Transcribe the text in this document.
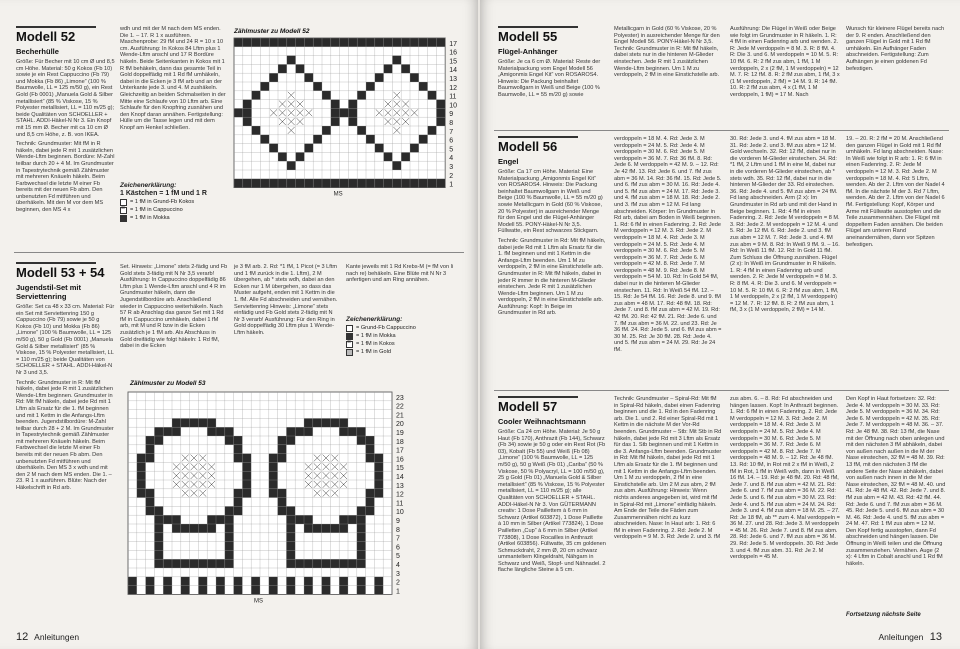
Modell 52

Becherhülle

Größe: Für Becher mit 10 cm Ø und 8,5 cm Höhe. Material: 50 g Kokos (Fb 10) sowie je ein Rest Cappuccino (Fb 79) und Mokka (Fb 86) „Limone“ (100 % Baumwolle, LL = 125 m/50 g), ein Rest Gold (Fb 0001) „Manuela Gold & Silber metallisiert“ (85 % Viskose, 15 % Polyester metallisiert, LL = 110 m/25 g); beide Qualitäten von SCHOELLER + STAHL. ADDI-Häkel-N Nr 3. Ein Knopf mit 15 mm Ø. Becher mit ca 10 cm Ø und 8,5 cm Höhe, z. B. von IKEA.

Technik: Grundmuster: Mit fM in R häkeln, dabei jede R mit 1 zusätzlichen Wende-Lftm beginnen. Bordüre: M-Zahl teilbar durch 20 + 4 M. Im Grundmuster in Tapestrytechnik gemäß Zählmuster mit mehreren Knäueln häkeln. Beim Farbwechsel die letzte M einer Fb bereits mit der neuen Fb abm. Den unbenutzten Fd mitführen und überhäkeln. Mit den M vor dem MS beginnen, den MS 4 x

wdh und mit der M nach dem MS enden. Die 1. – 17. R 1 x ausführen. Maschenprobe: 29 fM und 24 R = 10 x 10 cm. Ausführung: In Kokos 84 Lftm plus 1 Wende-Lftm anschl und 17 R Bordüre häkeln. Beide Seitenkanten in Kokos mit 1 R fM behäkeln, dann das gesamte Teil in Gold doppelfädig mit 1 Rd fM umhäkeln, dabei in die Ecken je 3 fM arb und an der Unterkante jede 3. und 4. M zushäkeln. Gleichzeitig an beiden Schmalseiten in der Mitte eine Schlaufe von 10 Lftm arb. Eine Schlaufe für den Knopfring zusnähen und den Knopf daran annähen. Fertigstellung: Hülle um die Tasse legen und mit dem Knopf am Henkel schließen.

Zeichenerklärung:
1 Kästchen = 1 fM und 1 R
= 1 fM in Grund-Fb Kokos
×
= 1 fM in Cappuccino
= 1 fM in Mokka
Zählmuster zu Modell 52
17
16
15
14
13
12
11
10
9
8
7
6
5
4
3
2
1
MS

Modell 53 + 54

Jugendstil-Set mit Serviettenring

Größe: Set ca 48 x 33 cm. Material: Für ein Set mit Serviettenring 150 g Cappuccino (Fb 79) sowie je 50 g Kokos (Fb 10) und Mokka (Fb 86) „Limone“ (100 % Baumwolle, LL = 125 m/50 g), 50 g Gold (Fb 0001) „Manuela Gold & Silber metallisiert“ (85 % Viskose, 15 % Polyester metallisiert, LL = 110 m/25 g); beide Qualitäten von SCHOELLER + STAHL. ADDI-Häkel-N Nr 3 und 3,5.

Technik: Grundmuster in R: Mit fM häkeln, dabei jede R mit 1 zusätzlichen Wende-Lftm beginnen. Grundmuster in Rd: Mit fM häkeln, dabei jede Rd mit 1 Lftm als Ersatz für die 1. fM beginnen und mit 1 Kettm in die Anfangs-Lftm beenden. Jugendstilbordüre: M-Zahl teilbar durch 28 + 2 M. Im Grundmuster in Tapestrytechnik gemäß Zählmuster mit mehreren Knäueln häkeln. Beim Farbwechsel die letzte M einer Fb bereits mit der neuen Fb abm. Den unbenutzten Fd mitführen und überhäkeln. Den MS 3 x wdh und mit den 2 M nach dem MS enden. Die 1. – 23. R 1 x ausführen. Blüte: Nach der Häkelschrift in Rd arb.

Set. Hinweis: „Limone“ stets 2-fädig und Fb Gold stets 3-fädig mit N Nr 3,5 verarb! Ausführung: In Cappuccino doppelfädig 86 Lftm plus 1 Wende-Lftm anschl und 4 R im Grundmuster häkeln, dann die Jugendstilbordüre arb. Anschließend wieder in Cappuccino weiterhäkeln. Nach 57 R ab Anschlag das ganze Set mit 1 Rd fM in Cappuccino umhäkeln, dabei 1 fM arb, mit M und R bzw in die Ecken zusätzlich je 1 fM arb. Als Abschluss in Gold dreifädig wie folgt häkeln: 1 Rd fM, dabei in die Ecken

je 3 fM arb. 2. Rd: *1 fM, 1 Picot (= 3 Lftm und 1 fM zurück in die 1. Lftm), 2 M übergehen, ab * stets wdh, dabei an den Ecken nur 1 M übergehen, so dass das Muster aufgeht, enden mit 1 Kettm in die 1. fM. Alle Fd abschneiden und vernähen. Serviettenring Hinweis: „Limone“ stets einfädig und Fb Gold stets 2-fädig mit N Nr 3 verarb! Ausführung: Für den Ring in Gold doppelfädig 30 Lftm plus 1 Wende-Lftm häkeln.

Kante jeweils mit 1 Rd Krebs-M (= fM von li nach re) behäkeln. Eine Blüte mit N Nr 3 anfertigen und am Ring annähen.

Zeichenerklärung:
= Grund-Fb Cappuccino
= 1 fM in Mokka
×
= 1 fM in Kokos
= 1 fM in Gold
Zählmuster zu Modell 53
23
22
21
20
19
18
17
16
15
14
13
12
11
10
9
8
7
6
5
4
3
2
1
MS
12 Anleitungen

Modell 55

Flügel-Anhänger

Größe: Je ca 6 cm Ø. Material: Reste der Materialpackung vom Engel Modell 56 „Amigonmis Engel Kit“ von ROSAROS4. Hinweis: Die Packung beinhaltet Baumwollgarn in Weiß und Beige (100 % Baumwolle, LL = 55 m/20 g) sowie

Metallicgarn in Gold (60 % Viskose, 20 % Polyester) in ausreichender Menge für den Engel Modell 56. PONY-Häkel-N Nr 3,5. Technik: Grundmuster in R: Mit fM häkeln, dabei stets nur in die hinteren M-Glieder einstechen. Jede R mit 1 zusätzlichen Wende-Lftm beginnen. Um 1 M zu verdoppeln, 2 fM in eine Einstichstelle arb.

Ausführung: Die Flügel in Weiß oder Beige wie folgt im Grundmuster in R häkeln. 1. R: 4 fM in einen Fadenring arb und wenden. 2. R: Jede M verdoppeln = 8 M. 3. R: 8 fM. 4. R: Die 3. und 6. M verdoppeln = 10 M. 5. R: 10 fM. 6. R: 2 fM zus abm, 1 fM, 1 M verdoppeln, 2 x (2 fM, 1 M verdoppeln) = 12 M. 7. R: 12 fM. 8. R: 2 fM zus abm, 1 fM, 3 x (1 M verdoppeln, 2 fM) = 14 M. 9. R: 14 fM. 10. R: 2 fM zus abm, 4 x (1 fM, 1 M verdoppeln, 1 fM) = 17 M. Nach

Wunsch für kleinere Flügel bereits nach der 9. R enden. Anschließend den ganzen Flügel in Gold mit 1 Rd fM umhäkeln. Ein Aufhänger Faden abschneiden. Fertigstellung: Zum Aufhängen je einen goldenen Fd befestigen.

Modell 56

Engel

Größe: Ca 17 cm Höhe. Material: Eine Materialpackung „Amigonmis Engel Kit“ von ROSAROS4. Hinweis: Die Packung beinhaltet Baumwollgarn in Weiß und Beige (100 % Baumwolle, LL = 55 m/20 g) sowie Metallicgarn in Gold (60 % Viskose, 20 % Polyester) in ausreichender Menge für den Engel und die Flügel-Anhänger Modell 55. PONY-Häkel-N Nr 3,5. Füllwatte, ein Rest schwarzes Stickgarn.

Technik: Grundmuster in Rd: Mit fM häkeln, dabei jede Rd mit 1 Lftm als Ersatz für die 1. fM beginnen und mit 1 Kettm in die Anfangs-Lftm beenden. Um 1 M zu verdoppeln, 2 fM in eine Einstichstelle arb. Grundmuster in R: Mit fM häkeln, dabei in jeder R immer in die hinteren M-Glieder einstechen. Jede R mit 1 zusätzlichen Wende-Lftm beginnen. Um 1 M zu verdoppeln, 2 fM in eine Einstichstelle arb. Ausführung: Kopf: In Beige im Grundmuster in Rd arb.

verdoppeln = 18 M. 4. Rd: Jede 3. M verdoppeln = 24 M. 5. Rd: Jede 4. M verdoppeln = 30 M. 6. Rd: Jede 5. M verdoppeln = 36 M. 7. Rd: 36 fM. 8. Rd: Jede 6. M verdoppeln = 42 M. 9. – 12. Rd: Je 42 fM. 13. Rd: Jede 6. und 7. fM zus abm = 36 M. 14. Rd: 36 fM. 15. Rd: Jede 5. und 6. fM zus abm = 30 M. 16. Rd: Jede 4. und 5. fM zus abm = 24 M. 17. Rd: Jede 3. und 4. fM zus abm = 18 M. 18. Rd: Jede 2. und 3. fM zus abm = 12 M. Fd lang abschneiden. Körper: Im Grundmuster in Rd arb, dabei am Boden in Weiß beginnen. 1. Rd: 6 fM in einen Fadenring. 2. Rd: Jede M verdoppeln = 12 M. 3. Rd: Jede 2. M verdoppeln = 18 M. 4. Rd: Jede 3. M verdoppeln = 24 M. 5. Rd: Jede 4. M verdoppeln = 30 M. 6. Rd: Jede 5. M verdoppeln = 36 M. 7. Rd: Jede 6. M verdoppeln = 42 M. 8. Rd: Jede 7. M verdoppeln = 48 M. 9. Rd: Jede 8. M verdoppeln = 54 M. 10. Rd: In Gold 54 fM, dabei nur in die hinteren M-Glieder einstechen. 11. Rd: In Weiß 54 fM. 12. – 15. Rd: Je 54 fM. 16. Rd: Jede 8. und 9. fM zus abm = 48 M. 17. Rd: 48 fM. 18. Rd: Jede 7. und 8. fM zus abm = 42 M. 19. Rd: 42 fM. 20. Rd: 42 fM. 21. Rd: Jede 6. und 7. fM zus abm = 36 M. 22. und 23. Rd: Je 36 fM. 24. Rd: Jede 5. und 6. fM zus abm = 30 M. 25. Rd: Je 30 fM. 28. Rd: Jede 4. und 5. fM zus abm = 24 M. 29. Rd: Je 24 fM.

30. Rd: Jede 3. und 4. fM zus abm = 18 M. 31. Rd: Jede 2. und 3. fM zus abm = 12 M. Gold wechseln. 32. Rd: 12 fM, dabei nur in die vorderen M-Glieder einstechen. 34. Rd: *1 fM, 2 Lftm und 1 fM in eine M, dabei nur in die vorderen M-Glieder einstechen, ab * stets wdh. 35. Rd: 12 fM, dabei nur in die hinteren M-Glieder der 33. Rd einstechen. 36. Rd: Jede 4. und 5. fM zus abm = 24 fM. Fd lang abschneiden. Arm (2 x): Im Grundmuster in Rd arb und mit der Hand in Beige beginnen. 1. Rd: 4 fM in einen Fadenring. 2. Rd: Jede M verdoppeln = 8 M. 3. Rd: Jede 2. M verdoppeln = 12 M. 4. und 5. Rd: Je 12 fM. 6. Rd: Jede 2. und 3. fM zus abm = 12 M. 7. Rd: Jede 3. und 4. fM zus abm = 9 M. 8. Rd: In Weiß 9 fM. 9. – 16. Rd: In Weiß 11 fM. 12. Rd: In Gold 11 fM. Zum Schluss die Öffnung zusnähen. Flügel (2 x): In Weiß im Grundmuster in R häkeln. 1. R: 4 fM in einen Fadenring arb und wenden. 2. R: Jede M verdoppeln = 8 M. 3. R: 8 fM. 4. R: Die 3. und 6. M verdoppeln = 10 M. 5. R: 10 fM. 6. R: 2 fM zus abm, 1 fM, 1 M verdoppeln, 2 x (2 fM, 1 M verdoppeln) = 12 M. 7. R: 12 fM. 8. R: 2 fM zus abm, 1 fM, 3 x (1 M verdoppeln, 2 fM) = 14 M.

19. – 20. R: 2 fM = 20 M. Anschließend den ganzen Flügel in Gold mit 1 Rd fM umhäkeln. Fd lang abschneiden. Nase: In Weiß wie folgt in R arb: 1. R: 6 fM in einen Fadenring. 2. R: Jede M verdoppeln = 12 M. 3. Rd: Jede 2. M verdoppeln = 18 M. 4. Rd: 5 Lftm, wenden. Ab der 2. Lftm von der Nadel 4 fM. In die nächste M der 3. Rd 7 Lftm, wenden. Ab der 2. Lftm von der Nadel 6 fM. Fertigstellung: Kopf, Körper und Arme mit Füllwatte ausstopfen und die Teile zusammennähen. Die Flügel mit doppeltem Faden annähen. Die beiden Flügel am unteren Rand aneinandernähen, dann vor Spitzen befestigen.

Modell 57

Cooler Weihnachtsmann

Größe: Ca 24 cm Höhe. Material: Je 50 g Haut (Fb 170), Anthrazit (Fb 144), Schwarz (Fb 34) sowie je 50 g oder ein Rest Rot (Fb 03), Kobalt (Fb 55) und Weiß (Fb 08) „Limone“ (100 % Baumwolle, LL = 125 m/50 g), 50 g Weiß (Fb 01) „Cariba“ (50 % Viskose, 50 % Polyacryl, LL = 100 m/50 g), 25 g Gold (Fb 01) „Manuela Gold & Silber metallisiert“ (85 % Viskose, 15 % Polyester metallisiert, LL = 110 m/25 g); alle Qualitäten von SCHOELLER + STAHL. ADDI-Häkel-N Nr 3. Von GÜTERMANN creativ: 1 Dose Paillettem à 6 mm in Schwarz (Artikel 603872), 1 Dose Paillette à 10 mm in Silber (Artikel 773824), 1 Dose Pailletten „Cup“ à 6 mm in Silber (Artikel 773808), 1 Dose Rocailles in Anthrazit (Artikel 603856). Füllwatte, 35 cm goldenen Schmuckdraht, 2 mm Ø, 20 cm schwarz ummanteltem Klingeldraht, Nähgarn in Schwarz und Weiß, Stopf- und Nähnadel. 2 flache längliche Steine à 5 cm.

Technik: Grundmuster – Spiral-Rd: Mit fM in Spiral-Rd häkeln, dabei einen Fadenring beginnen und die 1. Rd in den Fadenring arb. Die 1. und 2. Rd einer Spiral-Rd mit 1 Kettm in die nächste M der Vor-Rd beenden. Grundmuster – Stb: Mit Stb in Rd häkeln, dabei jede Rd mit 3 Lftm als Ersatz für das 1. Stb beginnen und mit 1 Kettm in die 3. Anfangs-Lftm beenden. Grundmuster in Rd: Mit fM häkeln, dabei jede Rd mit 1 Lftm als Ersatz für die 1. fM beginnen und mit 1 Kettm in die Anfangs-Lftm beenden. Um 1 M zu verdoppeln, 2 fM in eine Einstichstelle arb. Um 2 M zus abm, 2 fM zus abm. Ausführung: Hinweis: Wenn nichts anderes angegeben ist, wird mit fM in Spiral-Rd mit „Limone“ einfädig häkeln. Am Ende der Teile die Fäden zum Zusammennähen nicht zu kurz abschneiden. Nase: In Haut arb: 1. Rd: 6 fM in einen Fadenring. 2. Rd: Jede 2. M verdoppeln = 9 M. 3. Rd: Jede 2. und 3. fM

zus abm. 6. – 8. Rd: Fd abschneiden und hängen lassen. Kopf: In Anthrazit beginnen. 1. Rd: 6 fM in einen Fadenring. 2. Rd: Jede M verdoppeln = 12 M. 3. Rd: Jede 2. M verdoppeln = 18 M. 4. Rd: Jede 3. M verdoppeln = 24 M. 5. Rd: Jede 4. M verdoppeln = 30 M. 6. Rd: Jede 5. M verdoppeln = 36 M. 7. Rd: Jede 6. M verdoppeln = 42 M. 8. Rd: Jede 7. M verdoppeln = 48 M. 9. – 12. Rd: Je 48 fM. 13. Rd: 10 fM, in Rot mit 2 x fM in Weiß, 2 fM in Rot, 1 fM in Weiß wdh, dann in Weiß 16 fM. 14. – 19. Rd: je 48 fM. 20. Rd: 48 fM, Jede 7. und 8. fM zus abm = 42 M. 21. Rd: Jede 6. und 7. fM zus abm = 36 M. 22. Rd: Jede 5. und 6. fM zus abm = 30 M. 23. Rd: Jede 4. und 5. fM zus abm = 24 M. 24. Rd: Jede 3. und 4. fM zus abm = 18 M. 25. – 27. Rd: Je 18 fM, ab ** zum 4. Mal verdoppeln = 36 M. 27. und 28. Rd: Jede 3. M verdoppeln = 45 M. 26. Rd: Jede 7. und 8. fM zus abm. 28. Rd: Jede 6. und 7. fM zus abm = 36 M. 29. Rd: Jede 5. M verdoppeln. 30. Rd: Jede 3. und 4. fM zus abm. 31. Rd: Je 2. M verdoppeln = 45 M.

Den Kopf in Haut fortsetzen: 32. Rd: Jede 4. M verdoppeln = 30 M. 33. Rd: Jede 5. M verdoppeln = 36 M. 34. Rd: Jede 6. M verdoppeln = 42 M. 35. Rd: Jede 7. M verdoppeln = 48 M. 36. – 37. Rd: Je 48 fM. 38. Rd: 13 fM, die Nase mit der Öffnung nach oben anlegen und mit den nächsten 3 fM abhäkeln, dabei von außen nach außen in die M der Nase einstechen, 32 fM = 48 M. 39. Rd: 13 fM, mit den nächsten 3 fM die andere Seite der Nase abhäkeln, dabei von außen nach innen in die M der Nase einstechen, 32 fM = 48 M. 40. und 41. Rd: Je 48 fM. 42. Rd: Jede 7. und 8. fM zus abm = 42 M. 43. Rd: 42 fM. 44. Rd: Jede 6. und 7. fM zus abm = 36 M. 45. Rd: Jede 5. und 6. fM zus abm = 30 M. 46. Rd: Jede 4. und 5. fM zus abm = 24 M. 47. Rd: 1 fM zus abm = 12 M. Den Kopf fertig ausstopfen, dann Fd abschneiden und hängen lassen. Die Öffnung in Weiß teilen und die Öffnung zusammenziehen. Vernähen. Auge (2 x): 4 Lftm in Cobalt anschl und 1 Rd fM häkeln.

Fortsetzung nächste Seite
Anleitungen 13
